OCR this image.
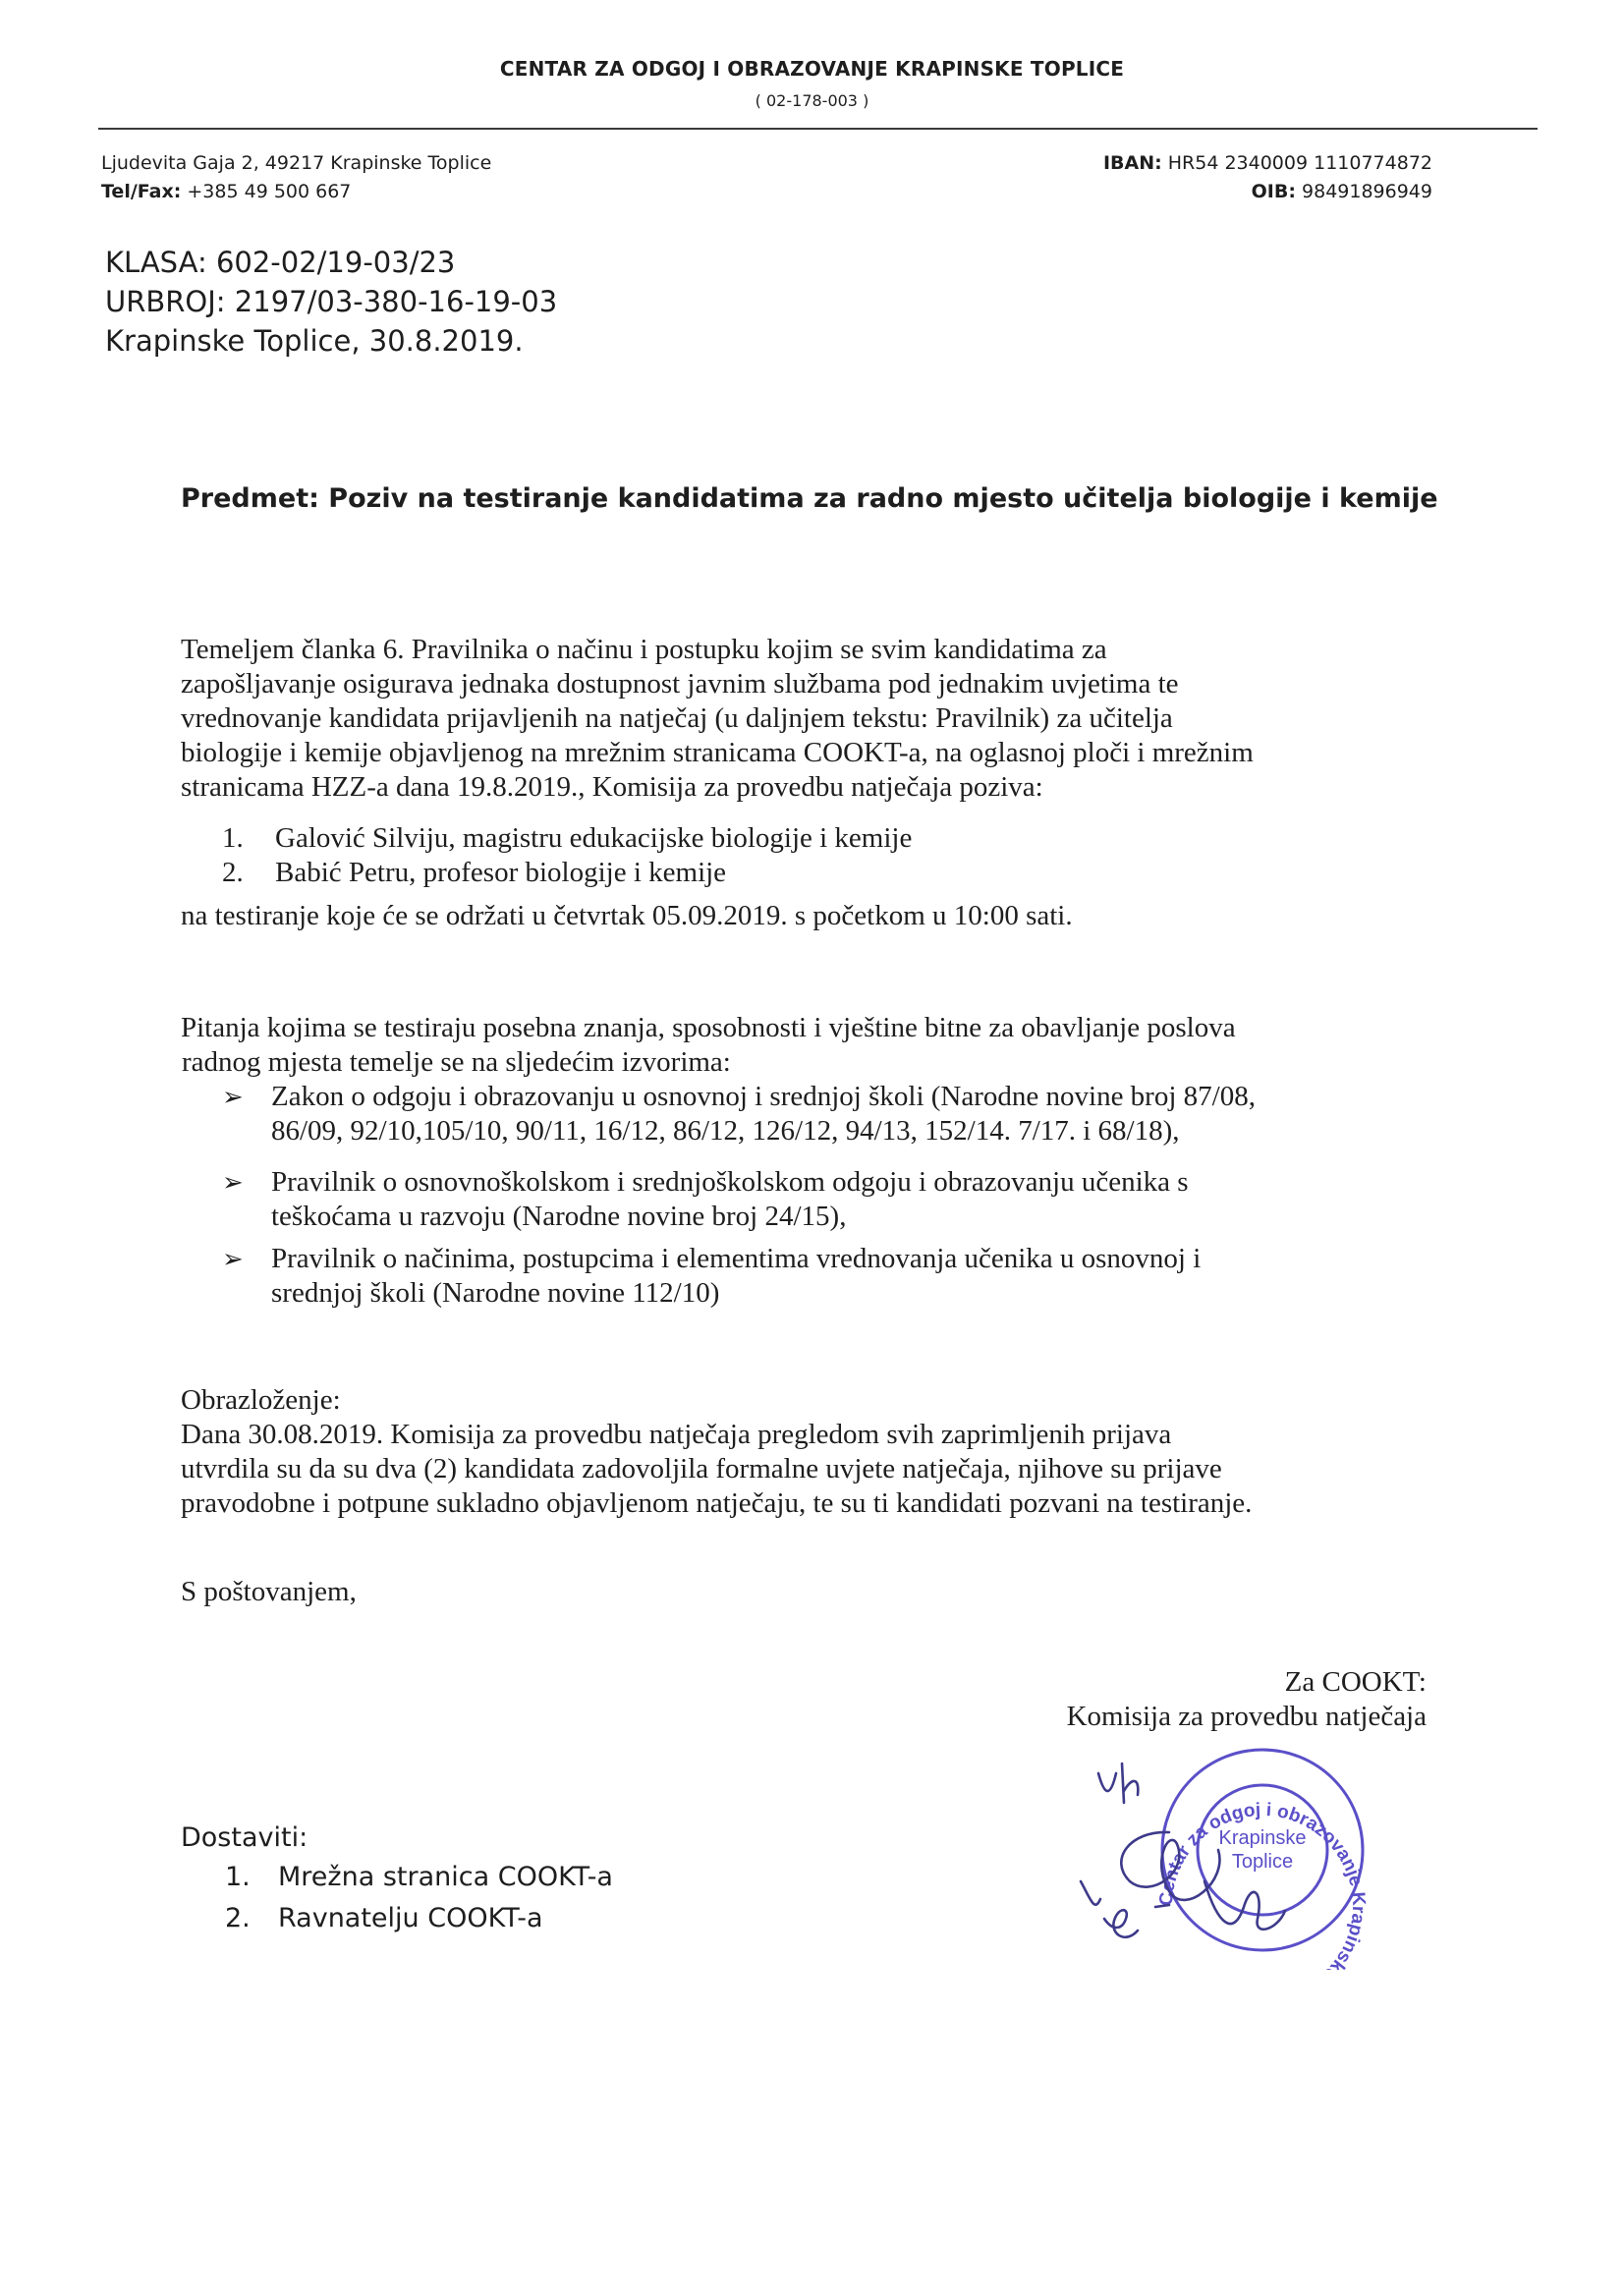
CENTAR ZA ODGOJ I OBRAZOVANJE KRAPINSKE TOPLICE
( 02-178-003 )
Ljudevita Gaja 2, 49217 Krapinske Toplice
Tel/Fax: +385 49 500 667
IBAN: HR54 2340009 1110774872
OIB: 98491896949
KLASA: 602-02/19-03/23
URBROJ: 2197/03-380-16-19-03
Krapinske Toplice, 30.8.2019.
Predmet: Poziv na testiranje kandidatima za radno mjesto učitelja biologije i kemije
Temeljem članka 6. Pravilnika o načinu i postupku kojim se svim kandidatima za
zapošljavanje osigurava jednaka dostupnost javnim službama pod jednakim uvjetima te
vrednovanje kandidata prijavljenih na natječaj (u daljnjem tekstu: Pravilnik) za učitelja
biologije i kemije objavljenog na mrežnim stranicama COOKT-a, na oglasnoj ploči i mrežnim
stranicama HZZ-a dana 19.8.2019., Komisija za provedbu natječaja poziva:
1. Galović Silviju, magistru edukacijske biologije i kemije
2. Babić Petru, profesor biologije i kemije
na testiranje koje će se održati u četvrtak 05.09.2019. s početkom u 10:00 sati.
Pitanja kojima se testiraju posebna znanja, sposobnosti i vještine bitne za obavljanje poslova
radnog mjesta temelje se na sljedećim izvorima:
➢ Zakon o odgoju i obrazovanju u osnovnoj i srednjoj školi (Narodne novine broj 87/08,
86/09, 92/10,105/10, 90/11, 16/12, 86/12, 126/12, 94/13, 152/14. 7/17. i 68/18),
➢ Pravilnik o osnovnoškolskom i srednjoškolskom odgoju i obrazovanju učenika s
teškoćama u razvoju (Narodne novine broj 24/15),
➢ Pravilnik o načinima, postupcima i elementima vrednovanja učenika u osnovnoj i
srednjoj školi (Narodne novine 112/10)
Obrazloženje:
Dana 30.08.2019. Komisija za provedbu natječaja pregledom svih zaprimljenih prijava
utvrdila su da su dva (2) kandidata zadovoljila formalne uvjete natječaja, njihove su prijave
pravodobne i potpune sukladno objavljenom natječaju, te su ti kandidati pozvani na testiranje.
S poštovanjem,
Za COOKT:
Komisija za provedbu natječaja
Centar za odgoj i obrazovanje Krapinsk
Krapinske
Toplice
Dostaviti:
1. Mrežna stranica COOKT-a
2. Ravnatelju COOKT-a
